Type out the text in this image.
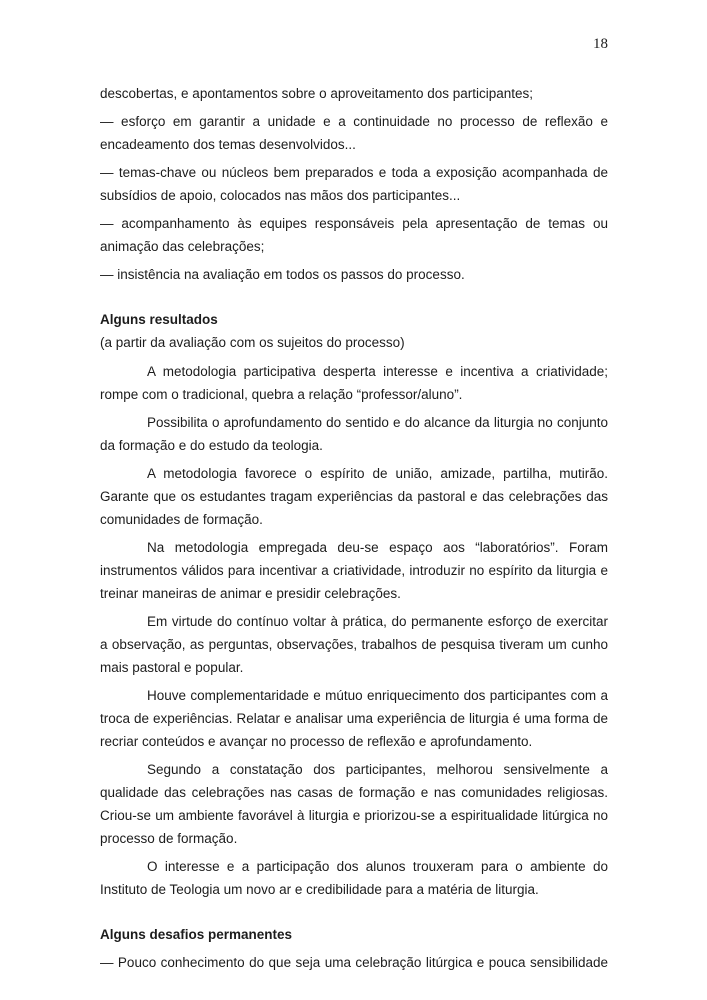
18

descobertas, e apontamentos sobre o aproveitamento dos participantes;

— esforço em garantir a unidade e a continuidade no processo de reflexão e encadeamento dos temas desenvolvidos...

— temas-chave ou núcleos bem preparados e toda a exposição acompanhada de subsídios de apoio, colocados nas mãos dos participantes...

— acompanhamento às equipes responsáveis pela apresentação de temas ou animação das celebrações;

— insistência na avaliação em todos os passos do processo.

Alguns resultados

(a partir da avaliação com os sujeitos do processo)

A metodologia participativa desperta interesse e incentiva a criatividade; rompe com o tradicional, quebra a relação “professor/aluno”.

Possibilita o aprofundamento do sentido e do alcance da liturgia no conjunto da formação e do estudo da teologia.

A metodologia favorece o espírito de união, amizade, partilha, mutirão. Garante que os estudantes tragam experiências da pastoral e das celebrações das comunidades de formação.

Na metodologia empregada deu-se espaço aos “laboratórios”. Foram instrumentos válidos para incentivar a criatividade, introduzir no espírito da liturgia e treinar maneiras de animar e presidir celebrações.

Em virtude do contínuo voltar à prática, do permanente esforço de exercitar a observação, as perguntas, observações, trabalhos de pesquisa tiveram um cunho mais pastoral e popular.

Houve complementaridade e mútuo enriquecimento dos participantes com a troca de experiências. Relatar e analisar uma experiência de liturgia é uma forma de recriar conteúdos e avançar no processo de reflexão e aprofundamento.

Segundo a constatação dos participantes, melhorou sensivelmente a qualidade das celebrações nas casas de formação e nas comunidades religiosas. Criou-se um ambiente favorável à liturgia e priorizou-se a espiritualidade litúrgica no processo de formação.

O interesse e a participação dos alunos trouxeram para o ambiente do Instituto de Teologia um novo ar e credibilidade para a matéria de liturgia.

Alguns desafios permanentes

— Pouco conhecimento do que seja uma celebração litúrgica e pouca sensibilidade
